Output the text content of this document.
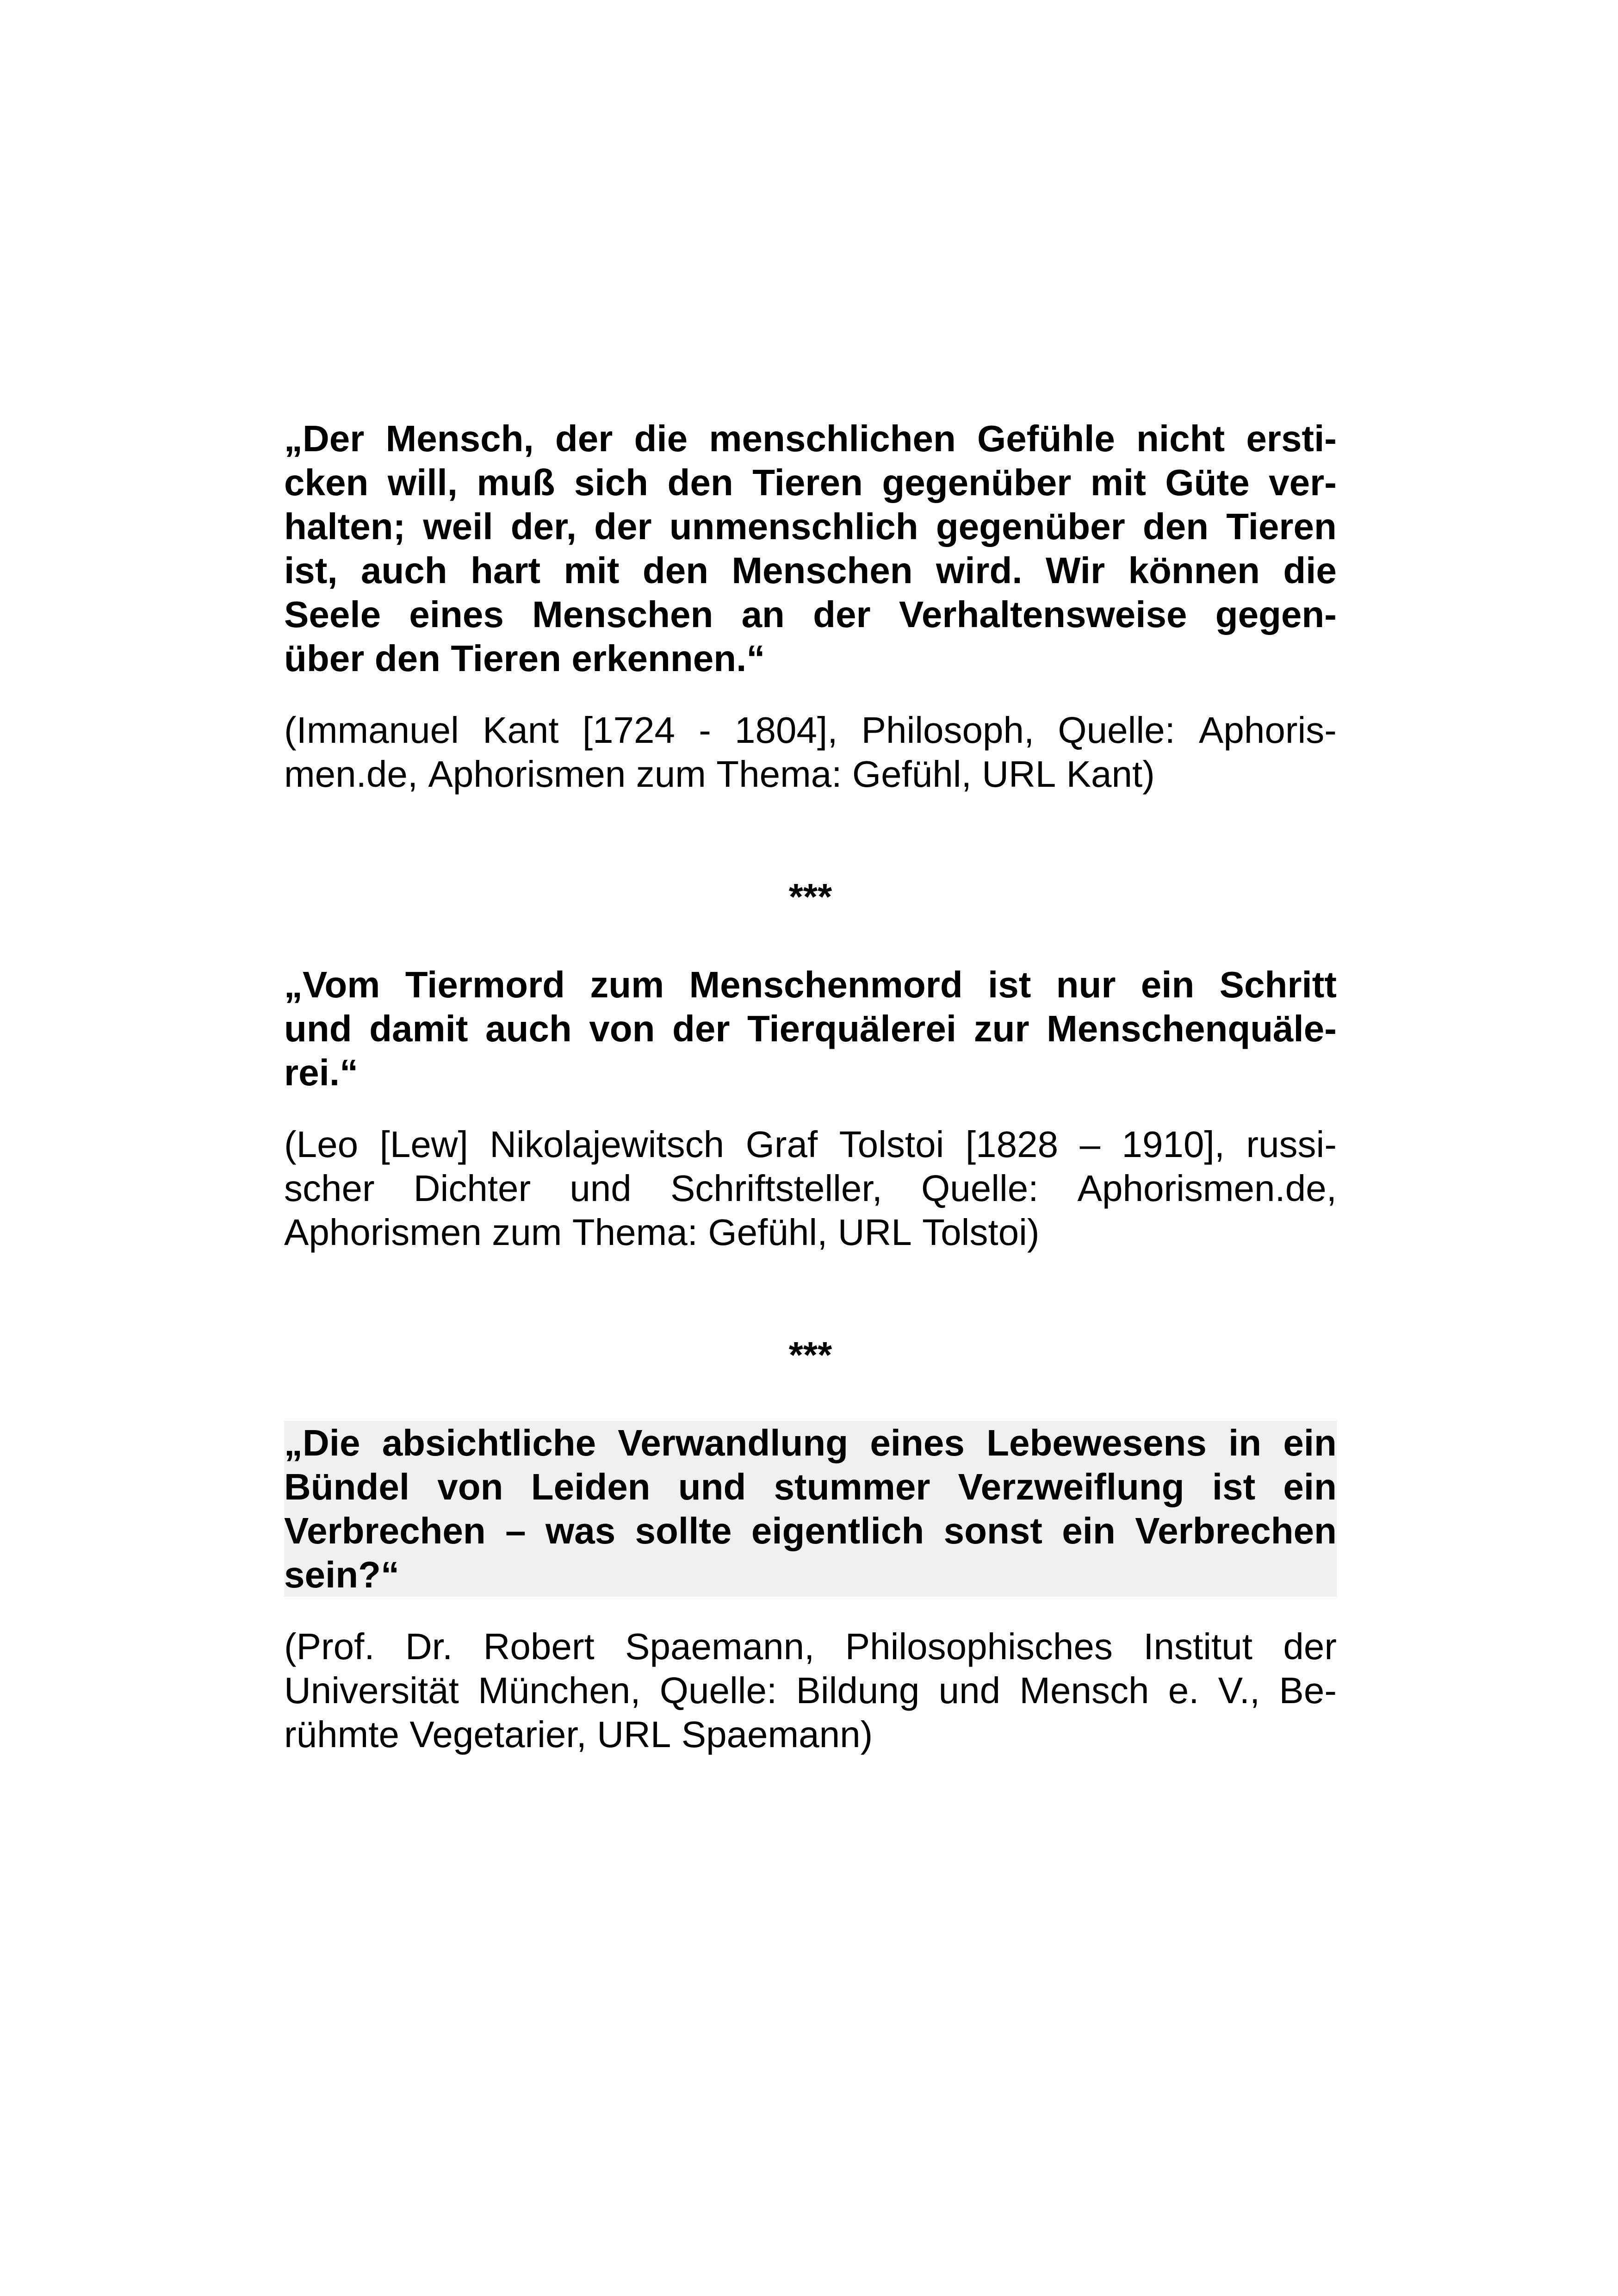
„Der Mensch, der die menschlichen Gefühle nicht ersti-
cken will, muß sich den Tieren gegenüber mit Güte ver-
halten; weil der, der unmenschlich gegenüber den Tieren
ist, auch hart mit den Menschen wird. Wir können die
Seele eines Menschen an der Verhaltensweise gegen-
über den Tieren erkennen.“
(Immanuel Kant [1724 - 1804], Philosoph, Quelle: Aphoris-
men.de, Aphorismen zum Thema: Gefühl, URL Kant)
***
„Vom Tiermord zum Menschenmord ist nur ein Schritt
und damit auch von der Tierquälerei zur Menschenquäle-
rei.“
(Leo [Lew] Nikolajewitsch Graf Tolstoi [1828 – 1910], russi-
scher Dichter und Schriftsteller, Quelle: Aphorismen.de,
Aphorismen zum Thema: Gefühl, URL Tolstoi)
***
„Die absichtliche Verwandlung eines Lebewesens in ein
Bündel von Leiden und stummer Verzweiflung ist ein
Verbrechen – was sollte eigentlich sonst ein Verbrechen
sein?“
(Prof. Dr. Robert Spaemann, Philosophisches Institut der
Universität München, Quelle: Bildung und Mensch e. V., Be-
rühmte Vegetarier, URL Spaemann)
